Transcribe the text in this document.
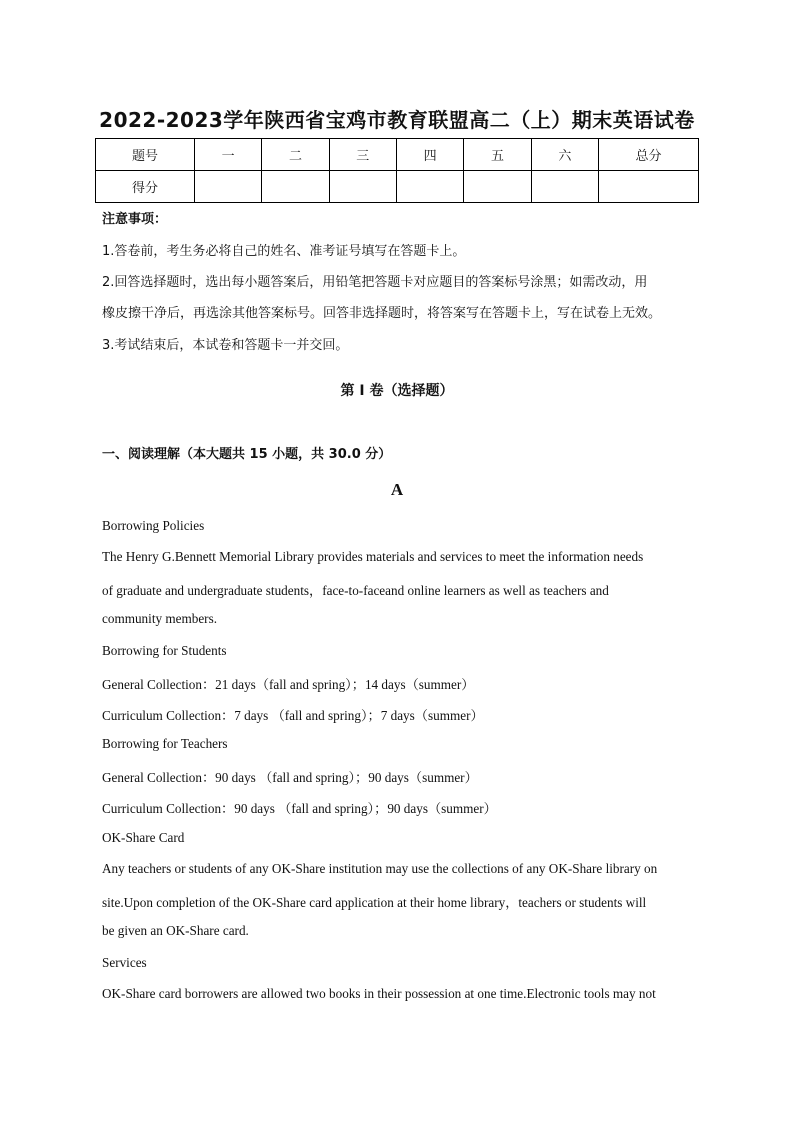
2022-2023学年陕西省宝鸡市教育联盟高二（上）期末英语试卷
题号	一	二	三	四	五	六	总分
得分							
注意事项：
1.答卷前，考生务必将自己的姓名、准考证号填写在答题卡上。
2.回答选择题时，选出每小题答案后，用铅笔把答题卡对应题目的答案标号涂黑；如需改动，用
橡皮擦干净后，再选涂其他答案标号。回答非选择题时，将答案写在答题卡上，写在试卷上无效。
3.考试结束后，本试卷和答题卡一并交回。
第 I 卷（选择题）
一、阅读理解（本大题共 15 小题，共 30.0 分）
A
Borrowing Policies
The Henry G.Bennett Memorial Library provides materials and services to meet the information needs
of graduate and undergraduate students，face-to-faceand online learners as well as teachers and
community members.
Borrowing for Students
General Collection：21 days（fall and spring）；14 days（summer）
Curriculum Collection：7 days （fall and spring）；7 days（summer）
Borrowing for Teachers
General Collection：90 days （fall and spring）；90 days（summer）
Curriculum Collection：90 days （fall and spring）；90 days（summer）
OK-Share Card
Any teachers or students of any OK-Share institution may use the collections of any OK-Share library on
site.Upon completion of the OK-Share card application at their home library，teachers or students will
be given an OK-Share card.
Services
OK-Share card borrowers are allowed two books in their possession at one time.Electronic tools may not
